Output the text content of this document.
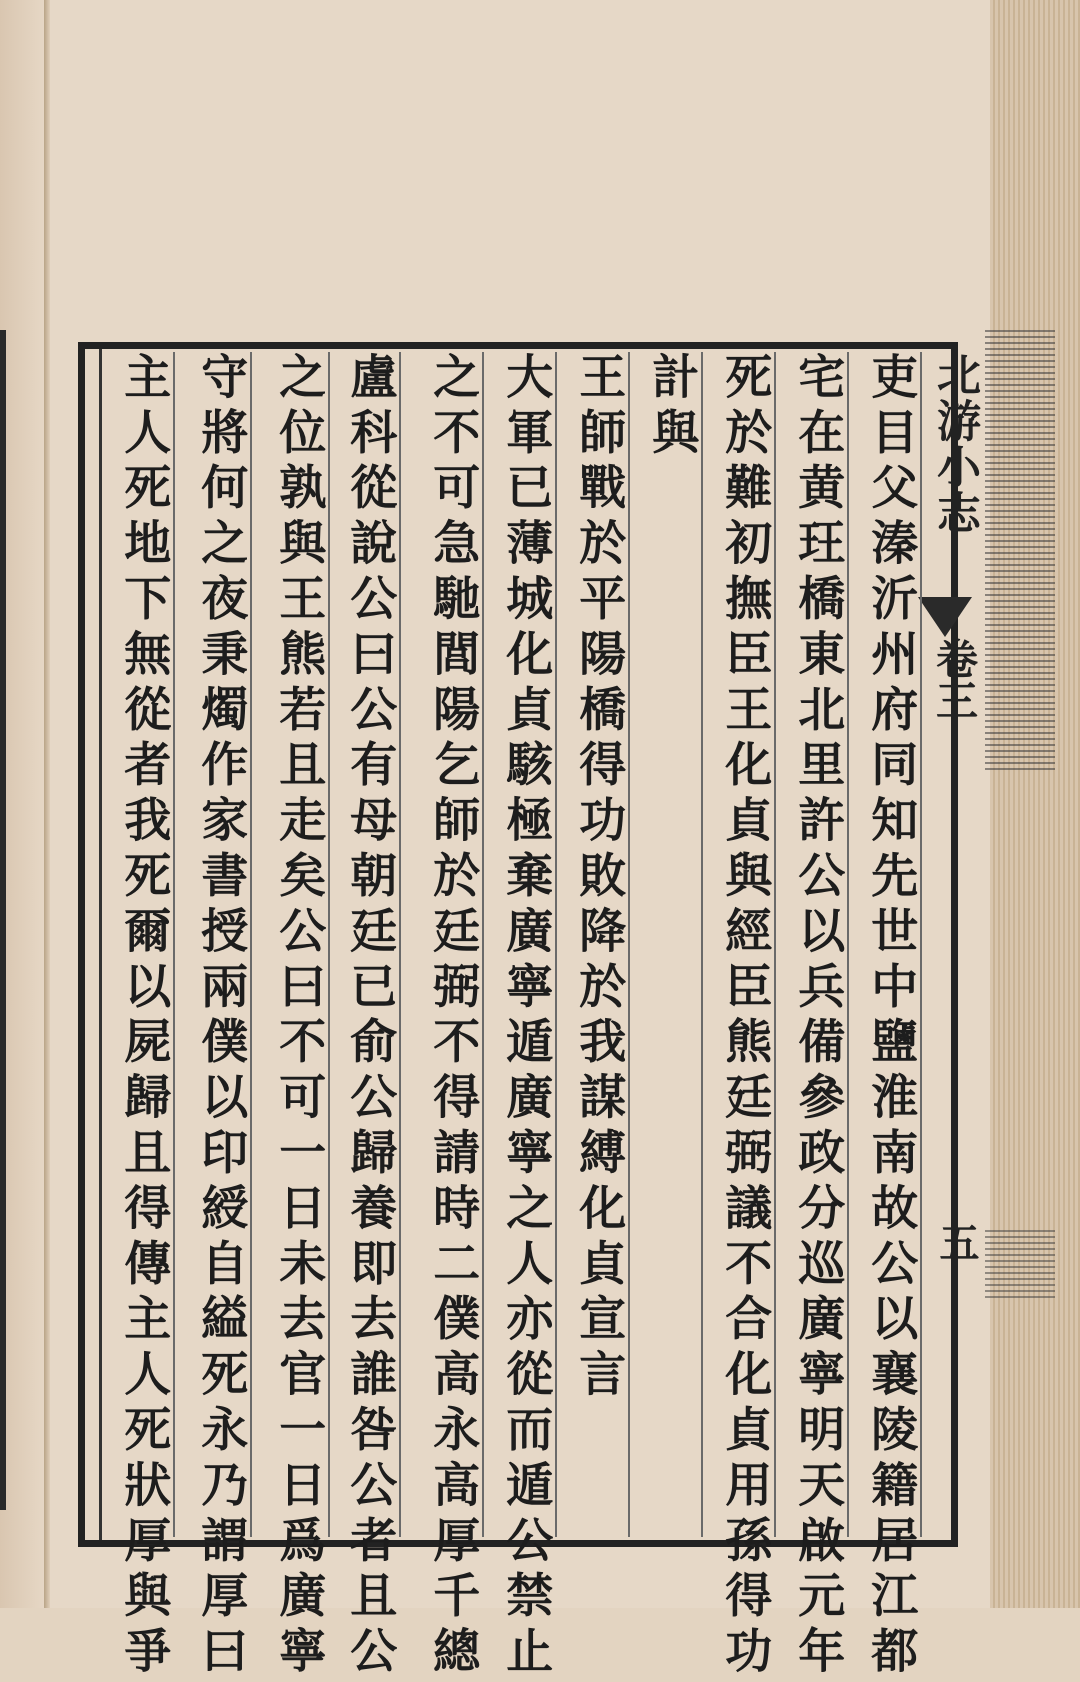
北游小志
卷三
五
吏目父溱沂州府同知先世中鹽淮南故公以襄陵籍居江都
宅在黄玨橋東北里許公以兵備參政分巡廣寧明天啟元年
死於難初撫臣王化貞與經臣熊廷弼議不合化貞用孫得功
計與
王師戰於平陽橋得功敗降於我謀縛化貞宣言
大軍已薄城化貞駭極棄廣寧遁廣寧之人亦從而遁公禁止
之不可急馳閭陽乞師於廷弼不得請時二僕高永高厚千總
盧科從說公曰公有母朝廷已俞公歸養即去誰咎公者且公
之位孰與王熊若且走矣公曰不可一日未去官一日爲廣寧
守將何之夜秉燭作家書授兩僕以印綬自縊死永乃謂厚曰
主人死地下無從者我死爾以屍歸且得傳主人死狀厚與爭
